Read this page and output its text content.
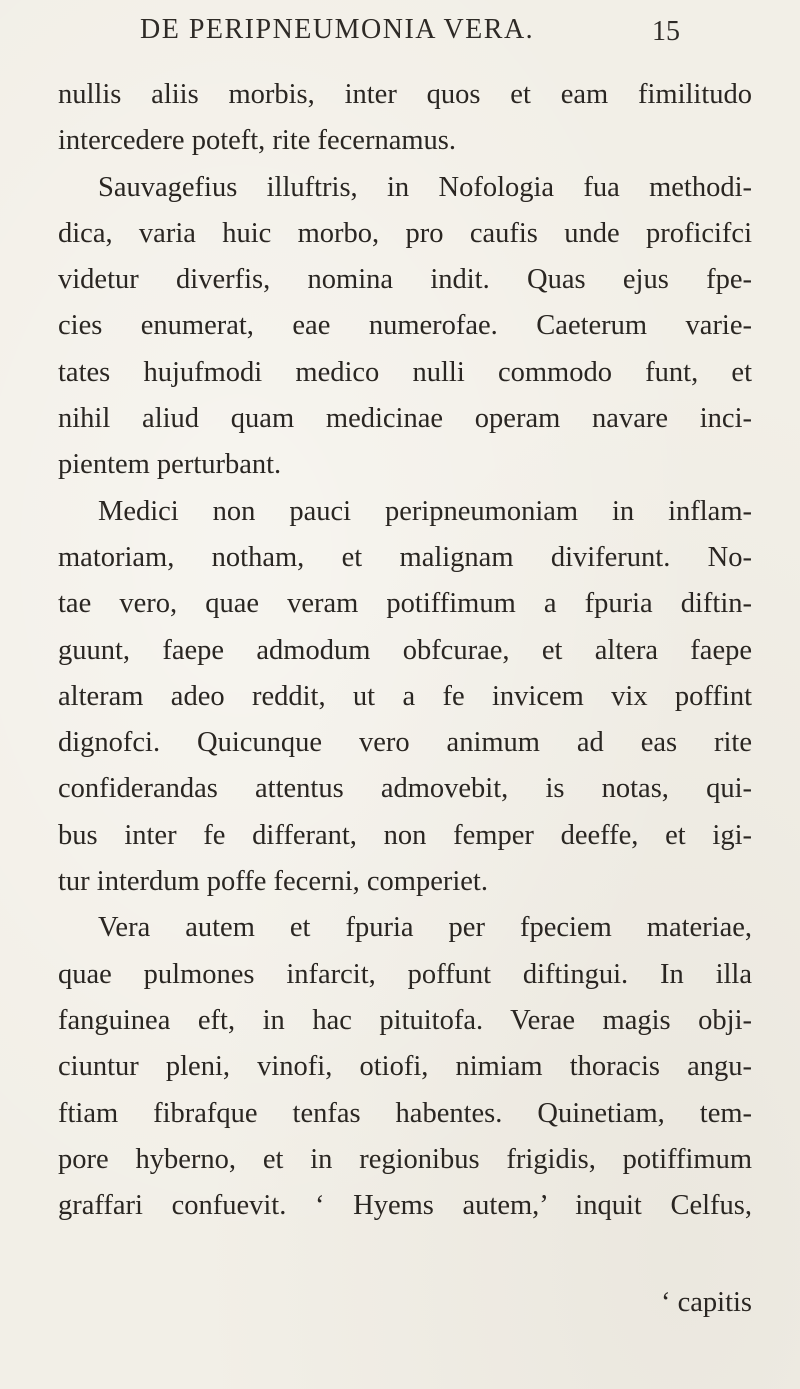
DE PERIPNEUMONIA VERA.	15
nullis aliis morbis, inter quos et eam fimilitudo
intercedere poteft, rite fecernamus.
Sauvagefius illuftris, in Nofologia fua methodi-
dica, varia huic morbo, pro caufis unde proficifci
videtur diverfis, nomina indit. Quas ejus fpe-
cies enumerat, eae numerofae. Caeterum varie-
tates hujufmodi medico nulli commodo funt, et
nihil aliud quam medicinae operam navare inci-
pientem perturbant.
Medici non pauci peripneumoniam in inflam-
matoriam, notham, et malignam diviferunt. No-
tae vero, quae veram potiffimum a fpuria diftin-
guunt, faepe admodum obfcurae, et altera faepe
alteram adeo reddit, ut a fe invicem vix poffint
dignofci. Quicunque vero animum ad eas rite
confiderandas attentus admovebit, is notas, qui-
bus inter fe differant, non femper deeffe, et igi-
tur interdum poffe fecerni, comperiet.
Vera autem et fpuria per fpeciem materiae,
quae pulmones infarcit, poffunt diftingui. In illa
fanguinea eft, in hac pituitofa. Verae magis obji-
ciuntur pleni, vinofi, otiofi, nimiam thoracis angu-
ftiam fibrafque tenfas habentes. Quinetiam, tem-
pore hyberno, et in regionibus frigidis, potiffimum
graffari confuevit. ‘ Hyems autem,’ inquit Celfus,
‘ capitis
